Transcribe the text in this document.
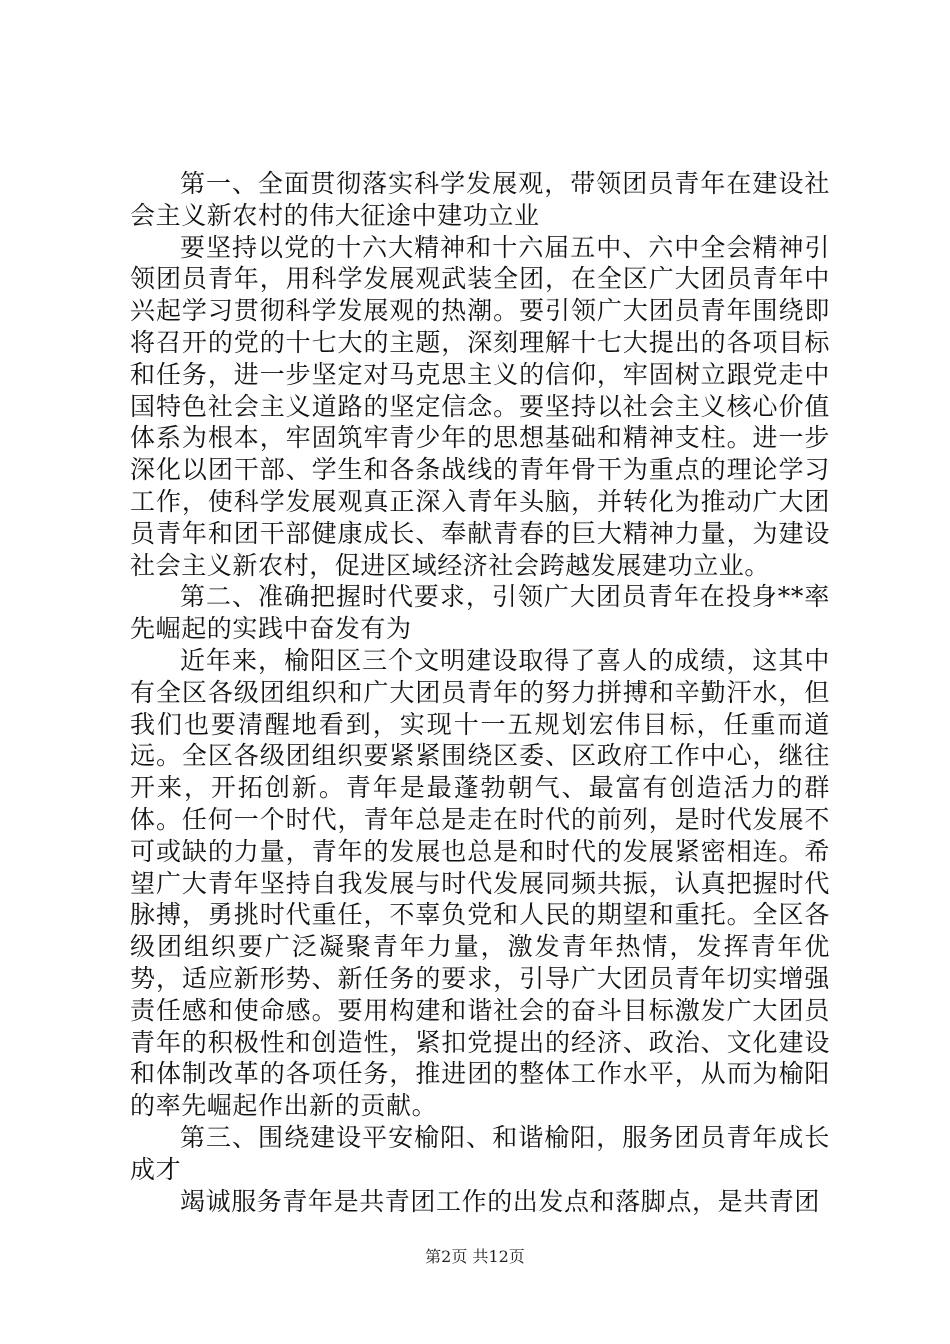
第一、全面贯彻落实科学发展观，带领团员青年在建设社会主义新农村的伟大征途中建功立业

要坚持以党的十六大精神和十六届五中、六中全会精神引领团员青年，用科学发展观武装全团，在全区广大团员青年中兴起学习贯彻科学发展观的热潮。要引领广大团员青年围绕即将召开的党的十七大的主题，深刻理解十七大提出的各项目标和任务，进一步坚定对马克思主义的信仰，牢固树立跟党走中国特色社会主义道路的坚定信念。要坚持以社会主义核心价值体系为根本，牢固筑牢青少年的思想基础和精神支柱。进一步深化以团干部、学生和各条战线的青年骨干为重点的理论学习工作，使科学发展观真正深入青年头脑，并转化为推动广大团员青年和团干部健康成长、奉献青春的巨大精神力量，为建设社会主义新农村，促进区域经济社会跨越发展建功立业。

第二、准确把握时代要求，引领广大团员青年在投身**率先崛起的实践中奋发有为

近年来，榆阳区三个文明建设取得了喜人的成绩，这其中有全区各级团组织和广大团员青年的努力拼搏和辛勤汗水，但我们也要清醒地看到，实现十一五规划宏伟目标，任重而道远。全区各级团组织要紧紧围绕区委、区政府工作中心，继往开来，开拓创新。青年是最蓬勃朝气、最富有创造活力的群体。任何一个时代，青年总是走在时代的前列，是时代发展不可或缺的力量，青年的发展也总是和时代的发展紧密相连。希望广大青年坚持自我发展与时代发展同频共振，认真把握时代脉搏，勇挑时代重任，不辜负党和人民的期望和重托。全区各级团组织要广泛凝聚青年力量，激发青年热情，发挥青年优势，适应新形势、新任务的要求，引导广大团员青年切实增强责任感和使命感。要用构建和谐社会的奋斗目标激发广大团员青年的积极性和创造性，紧扣党提出的经济、政治、文化建设和体制改革的各项任务，推进团的整体工作水平，从而为榆阳的率先崛起作出新的贡献。

第三、围绕建设平安榆阳、和谐榆阳，服务团员青年成长成才

竭诚服务青年是共青团工作的出发点和落脚点，是共青团

第2页 共12页
